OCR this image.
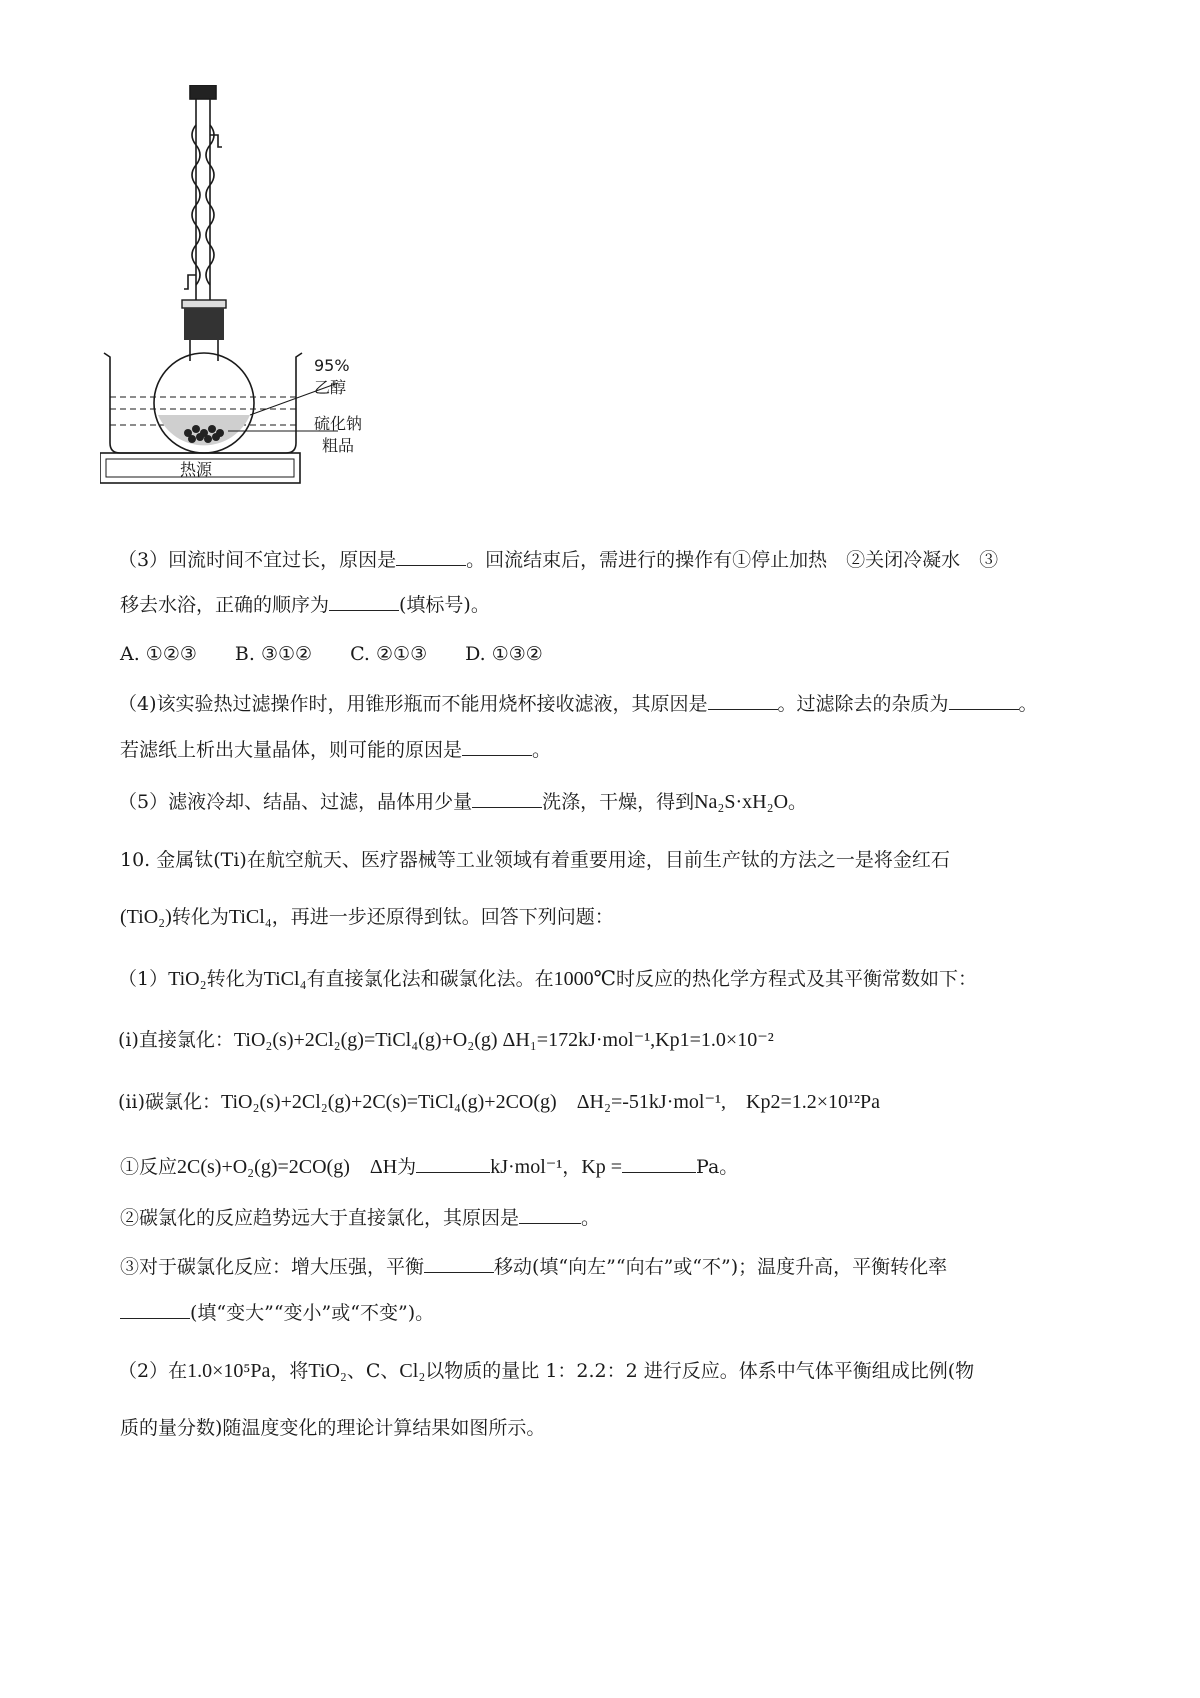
95%
乙醇
硫化钠
粗品
热源
（3）回流时间不宜过长，原因是	。回流结束后，需进行的操作有①停止加热　②关闭冷凝水　③
移去水浴，正确的顺序为	(填标号)。
A. ①②③ B. ③①② C. ②①③ D. ①③②
（4)该实验热过滤操作时，用锥形瓶而不能用烧杯接收滤液，其原因是	。过滤除去的杂质为	。
若滤纸上析出大量晶体，则可能的原因是	。
（5）滤液冷却、结晶、过滤，晶体用少量	洗涤，干燥，得到Na₂S·xH₂O。
10. 金属钛(Ti)在航空航天、医疗器械等工业领域有着重要用途，目前生产钛的方法之一是将金红石
(TiO₂)转化为TiCl₄，再进一步还原得到钛。回答下列问题：
（1）TiO₂转化为TiCl₄有直接氯化法和碳氯化法。在1000℃时反应的热化学方程式及其平衡常数如下：
(ⅰ)直接氯化：TiO₂(s)+2Cl₂(g)=TiCl₄(g)+O₂(g) ΔH₁=172kJ·mol⁻¹,Kp1=1.0×10⁻²
(ⅱ)碳氯化：TiO₂(s)+2Cl₂(g)+2C(s)=TiCl₄(g)+2CO(g)　ΔH₂=-51kJ·mol⁻¹,　Kp2=1.2×10¹²Pa
①反应2C(s)+O₂(g)=2CO(g)　ΔH为	kJ·mol⁻¹，Kp =	Pa。
②碳氯化的反应趋势远大于直接氯化，其原因是	。
③对于碳氯化反应：增大压强，平衡	移动(填“向左”“向右”或“不”)；温度升高，平衡转化率
(填“变大”“变小”或“不变”)。
（2）在1.0×10⁵Pa，将TiO₂、C、Cl₂以物质的量比 1：2.2：2 进行反应。体系中气体平衡组成比例(物
质的量分数)随温度变化的理论计算结果如图所示。
